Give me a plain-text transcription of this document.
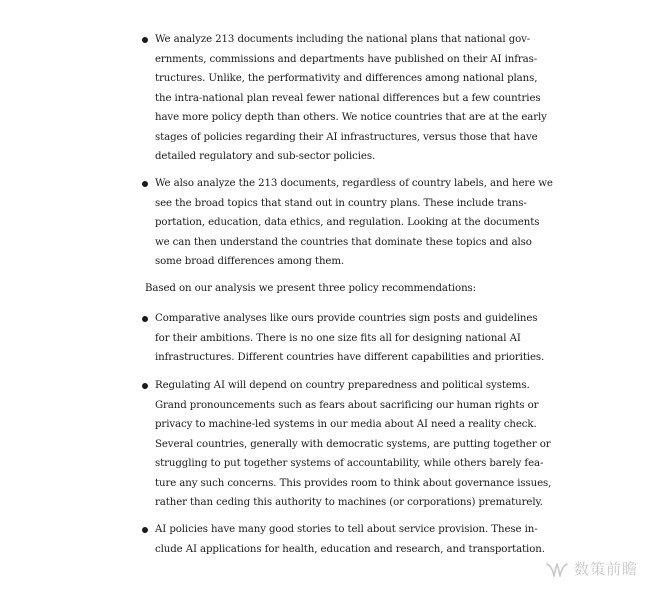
We analyze 213 documents including the national plans that national gov-
ernments, commissions and departments have published on their AI infras-
tructures. Unlike, the performativity and differences among national plans,
the intra-national plan reveal fewer national differences but a few countries
have more policy depth than others. We notice countries that are at the early
stages of policies regarding their AI infrastructures, versus those that have
detailed regulatory and sub-sector policies.
We also analyze the 213 documents, regardless of country labels, and here we
see the broad topics that stand out in country plans. These include trans-
portation, education, data ethics, and regulation. Looking at the documents
we can then understand the countries that dominate these topics and also
some broad differences among them.
Based on our analysis we present three policy recommendations:
Comparative analyses like ours provide countries sign posts and guidelines
for their ambitions. There is no one size fits all for designing national AI
infrastructures. Different countries have different capabilities and priorities.
Regulating AI will depend on country preparedness and political systems.
Grand pronouncements such as fears about sacrificing our human rights or
privacy to machine-led systems in our media about AI need a reality check.
Several countries, generally with democratic systems, are putting together or
struggling to put together systems of accountability, while others barely fea-
ture any such concerns. This provides room to think about governance issues,
rather than ceding this authority to machines (or corporations) prematurely.
AI policies have many good stories to tell about service provision. These in-
clude AI applications for health, education and research, and transportation.
数策前瞻
